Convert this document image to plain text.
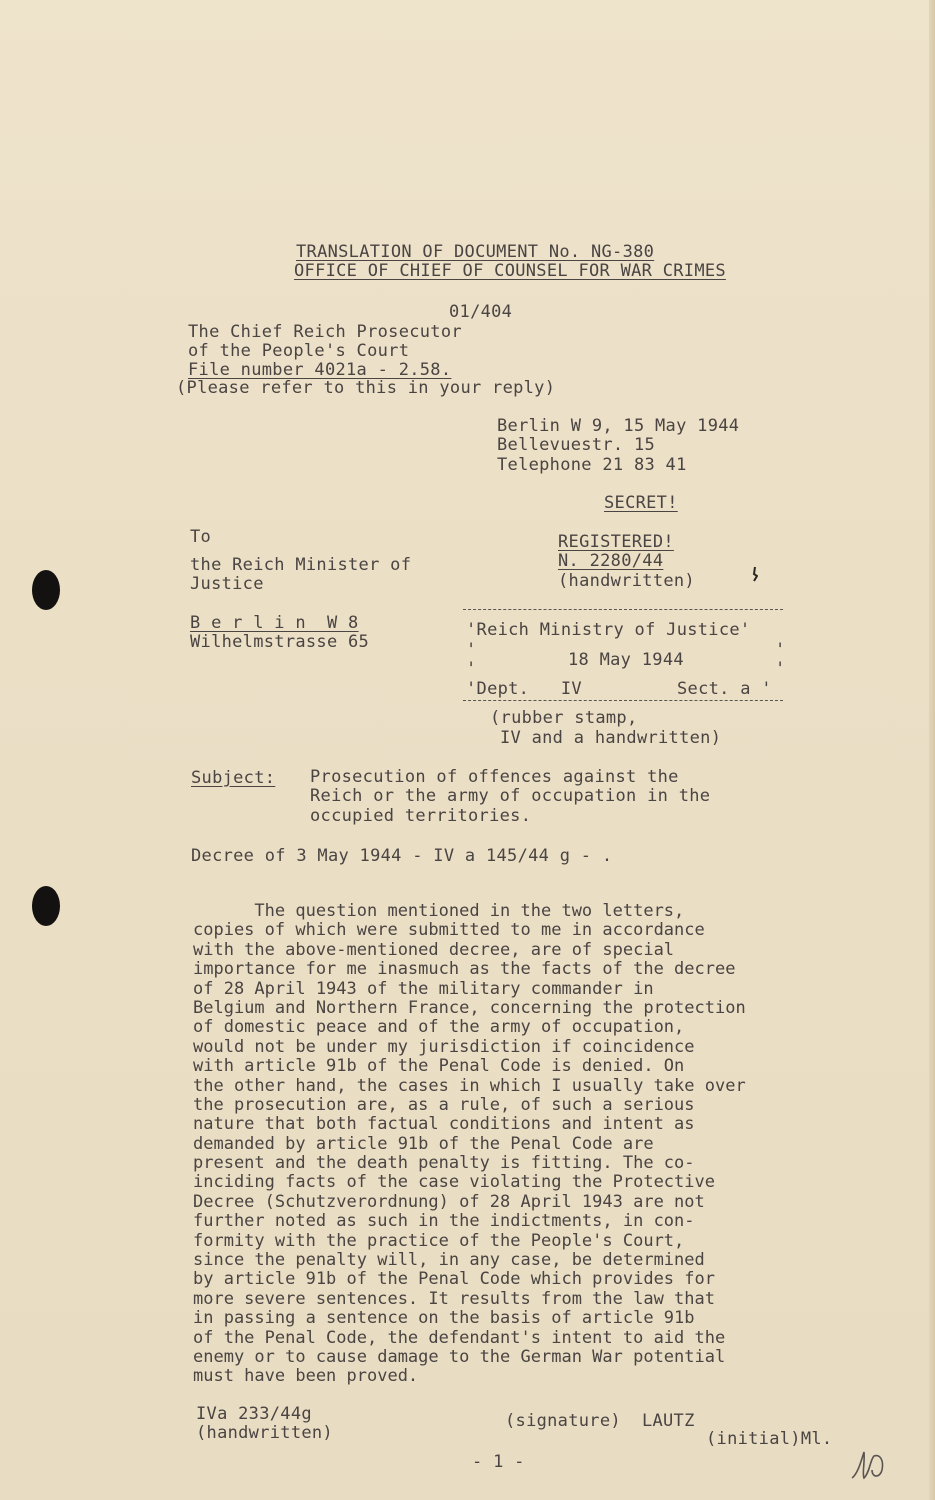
TRANSLATION OF DOCUMENT No. NG-380
OFFICE OF CHIEF OF COUNSEL FOR WAR CRIMES
01/404
The Chief Reich Prosecutor
of the People's Court
File number 4021a - 2.58.
(Please refer to this in your reply)
Berlin W 9, 15 May 1944
Bellevuestr. 15
Telephone 21 83 41
SECRET!
REGISTERED!
N. 2280/44
(handwritten)
To
the Reich Minister of
Justice
B e r l i n  W 8
Wilhelmstrasse 65
'Reich Ministry of Justice'
'	'
18 May 1944
'	'
'Dept.   IV	Sect. a '
(rubber stamp,
IV and a handwritten)
Subject: Prosecution of offences against the
Reich or the army of occupation in the
occupied territories.
Decree of 3 May 1944 - IV a 145/44 g - .
The question mentioned in the two letters,
copies of which were submitted to me in accordance
with the above-mentioned decree, are of special
importance for me inasmuch as the facts of the decree
of 28 April 1943 of the military commander in
Belgium and Northern France, concerning the protection
of domestic peace and of the army of occupation,
would not be under my jurisdiction if coincidence
with article 91b of the Penal Code is denied. On
the other hand, the cases in which I usually take over
the prosecution are, as a rule, of such a serious
nature that both factual conditions and intent as
demanded by article 91b of the Penal Code are
present and the death penalty is fitting. The co-
inciding facts of the case violating the Protective
Decree (Schutzverordnung) of 28 April 1943 are not
further noted as such in the indictments, in con-
formity with the practice of the People's Court,
since the penalty will, in any case, be determined
by article 91b of the Penal Code which provides for
more severe sentences. It results from the law that
in passing a sentence on the basis of article 91b
of the Penal Code, the defendant's intent to aid the
enemy or to cause damage to the German War potential
must have been proved.
IVa 233/44g
(handwritten)
(signature)  LAUTZ
(initial)Ml.
- 1 -
